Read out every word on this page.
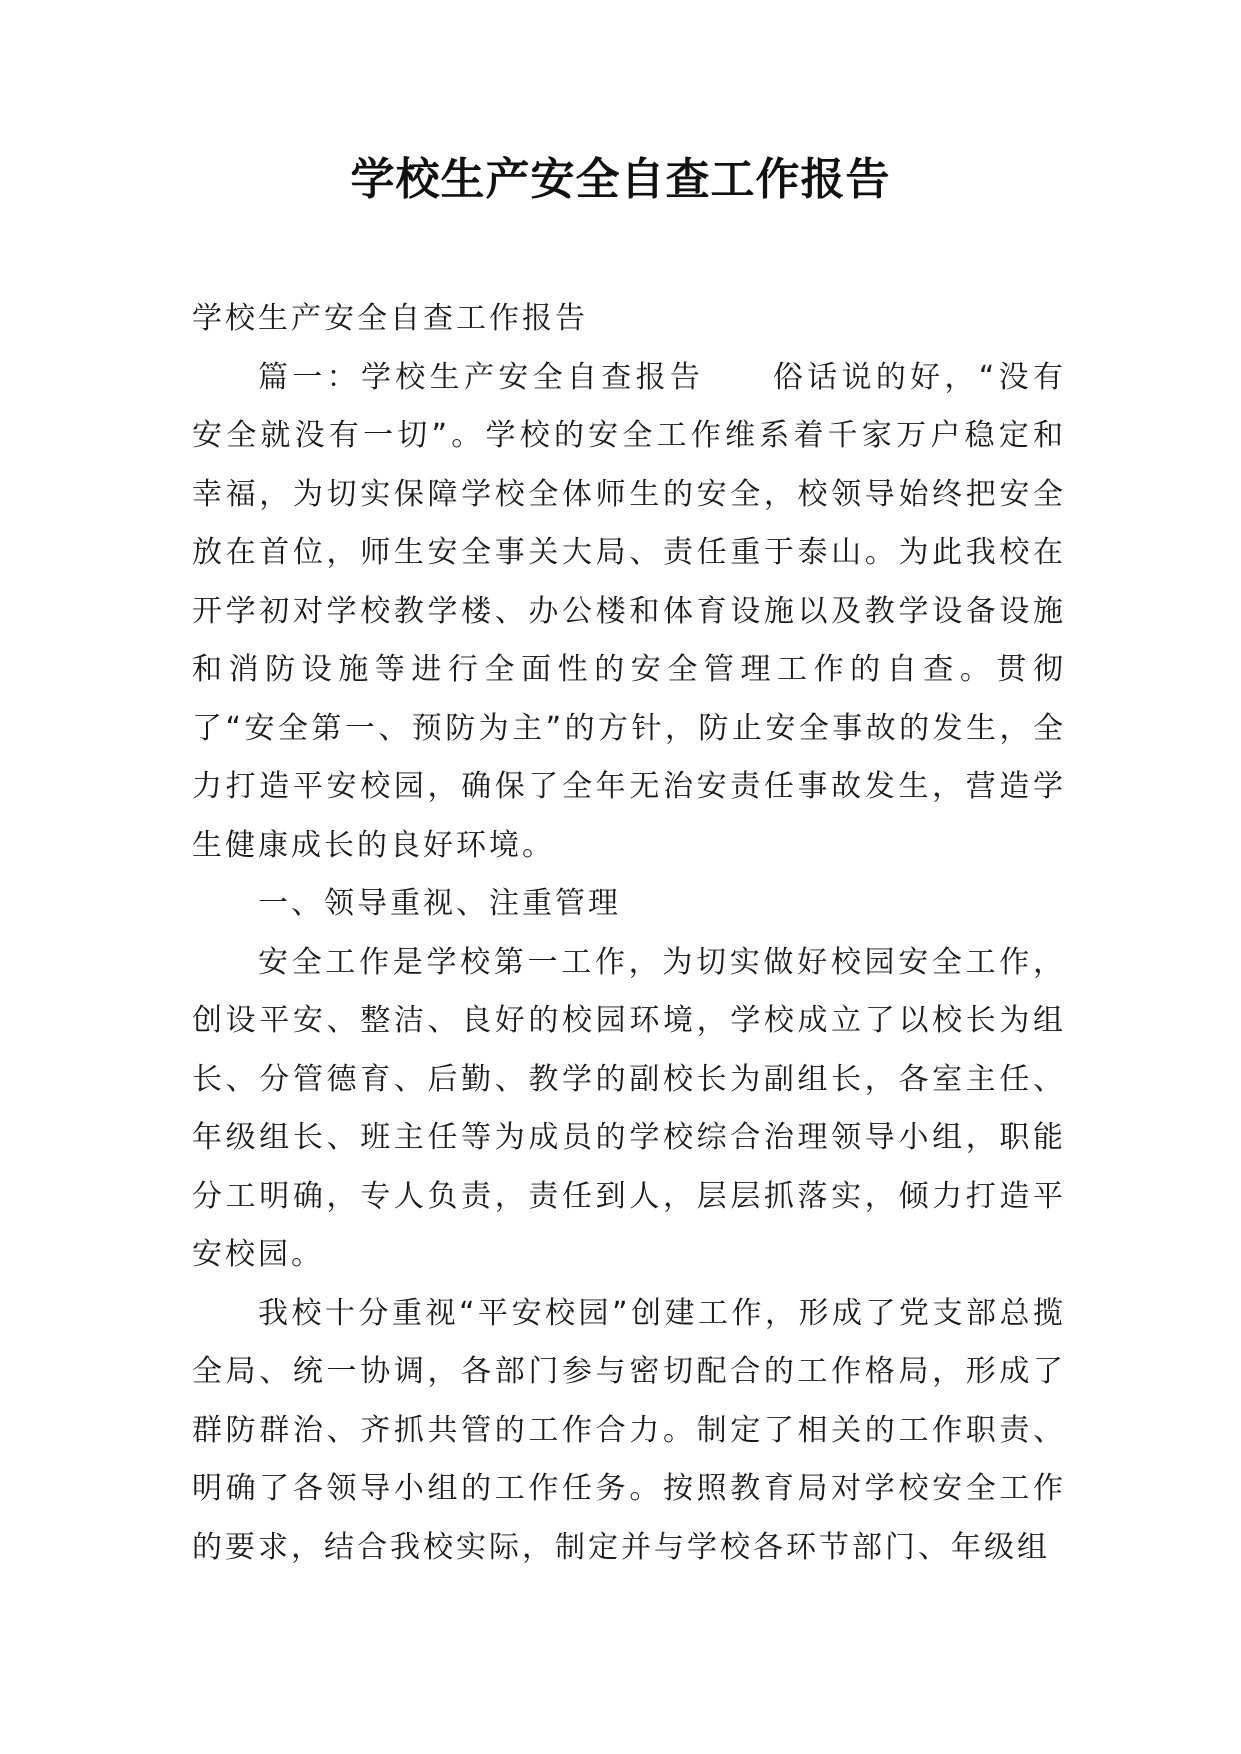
学校生产安全自查工作报告

学校生产安全自查工作报告

篇一：学校生产安全自查报告　　俗话说的好，“没有安全就没有一切”。学校的安全工作维系着千家万户稳定和幸福，为切实保障学校全体师生的安全，校领导始终把安全放在首位，师生安全事关大局、责任重于泰山。为此我校在开学初对学校教学楼、办公楼和体育设施以及教学设备设施和消防设施等进行全面性的安全管理工作的自查。贯彻了“安全第一、预防为主”的方针，防止安全事故的发生，全力打造平安校园，确保了全年无治安责任事故发生，营造学生健康成长的良好环境。

一、领导重视、注重管理

安全工作是学校第一工作，为切实做好校园安全工作，创设平安、整洁、良好的校园环境，学校成立了以校长为组长、分管德育、后勤、教学的副校长为副组长，各室主任、年级组长、班主任等为成员的学校综合治理领导小组，职能分工明确，专人负责，责任到人，层层抓落实，倾力打造平安校园。

我校十分重视“平安校园”创建工作，形成了党支部总揽全局、统一协调，各部门参与密切配合的工作格局，形成了群防群治、齐抓共管的工作合力。制定了相关的工作职责、明确了各领导小组的工作任务。按照教育局对学校安全工作的要求，结合我校实际，制定并与学校各环节部门、年级组
